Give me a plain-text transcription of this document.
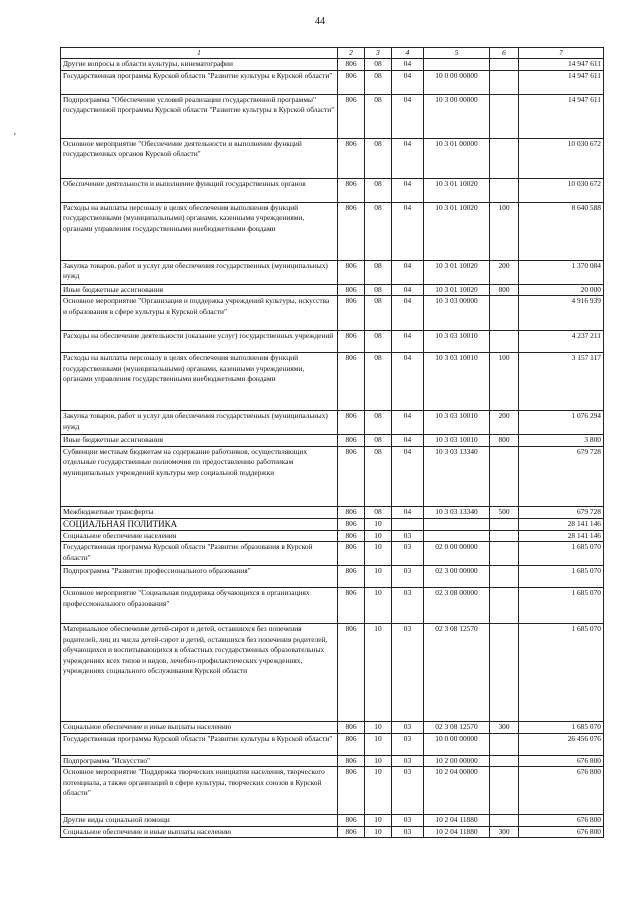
44
'
1	2	3	4	5	6	7
Другие вопросы в области культуры, кинематографии	806	08	04			14 947 611
Государственная программа Курской области "Развитие культуры в Курской области"	806	08	04	10 0 00 00000		14 947 611
Подпрограмма "Обеспечение условий реализации государственной программы" государственной программы Курской области "Развитие культуры в Курской области"	806	08	04	10 3 00 00000		14 947 611
Основное мероприятие "Обеспечение деятельности и выполнение функций государственных органов Курской области"	806	08	04	10 3 01 00000		10 030 672
Обеспечение деятельности и выполнение функций государственных органов	806	08	04	10 3 01 10020		10 030 672
Расходы на выплаты персоналу в целях обеспечения выполнения функций государственными (муниципальными) органами, казенными учреждениями, органами управления государственными внебюджетными фондами	806	08	04	10 3 01 10020	100	8 640 588
Закупка товаров, работ и услуг для обеспечения государственных (муниципальных) нужд	806	08	04	10 3 01 10020	200	1 370 084
Иные бюджетные ассигнования	806	08	04	10 3 01 10020	800	20 000
Основное мероприятие "Организация и поддержка учреждений культуры, искусства и образования в сфере культуры в Курской области"	806	08	04	10 3 03 00000		4 916 939
Расходы на обеспечение деятельности (оказание услуг) государственных учреждений	806	08	04	10 3 03 10010		4 237 211
Расходы на выплаты персоналу в целях обеспечения выполнения функций государственными (муниципальными) органами, казенными учреждениями, органами управления государственными внебюджетными фондами	806	08	04	10 3 03 10010	100	3 157 117
Закупка товаров, работ и услуг для обеспечения государственных (муниципальных) нужд	806	08	04	10 3 03 10010	200	1 076 294
Иные бюджетные ассигнования	806	08	04	10 3 03 10010	800	3 800
Субвенции местным бюджетам на содержание работников, осуществляющих отдельные государственные полномочия по предоставлению работникам муниципальных учреждений культуры мер социальной поддержки	806	08	04	10 3 03 13340		679 728
Межбюджетные трансферты	806	08	04	10 3 03 13340	500	679 728
СОЦИАЛЬНАЯ ПОЛИТИКА	806	10				28 141 146
Социальное обеспечение населения	806	10	03			28 141 146
Государственная программа Курской области "Развитие образования в Курской области"	806	10	03	02 0 00 00000		1 685 070
Подпрограмма "Развитие профессионального образования"	806	10	03	02 3 00 00000		1 685 070
Основное мероприятие "Социальная поддержка обучающихся в организациях профессионального образования"	806	10	03	02 3 08 00000		1 685 070
Материальное обеспечение детей-сирот и детей, оставшихся без попечения родителей, лиц из числа детей-сирот и детей, оставшихся без попечения родителей, обучающихся и воспитывающихся в областных государственных образовательных учреждениях всех типов и видов, лечебно-профилактических учреждениях, учреждениях социального обслуживания Курской области	806	10	03	02 3 08 12570		1 685 070
Социальное обеспечение и иные выплаты населению	806	10	03	02 3 08 12570	300	1 685 070
Государственная программа Курской области "Развитие культуры в Курской области"	806	10	03	10 0 00 00000		26 456 076
Подпрограмма "Искусство"	806	10	03	10 2 00 00000		676 800
Основное мероприятие "Поддержка творческих инициатив населения, творческого потенциала, а также организаций в сфере культуры, творческих союзов в Курской области"	806	10	03	10 2 04 00000		676 800
Другие виды социальной помощи	806	10	03	10 2 04 11880		676 800
Социальное обеспечение и иные выплаты населению	806	10	03	10 2 04 11880	300	676 800
